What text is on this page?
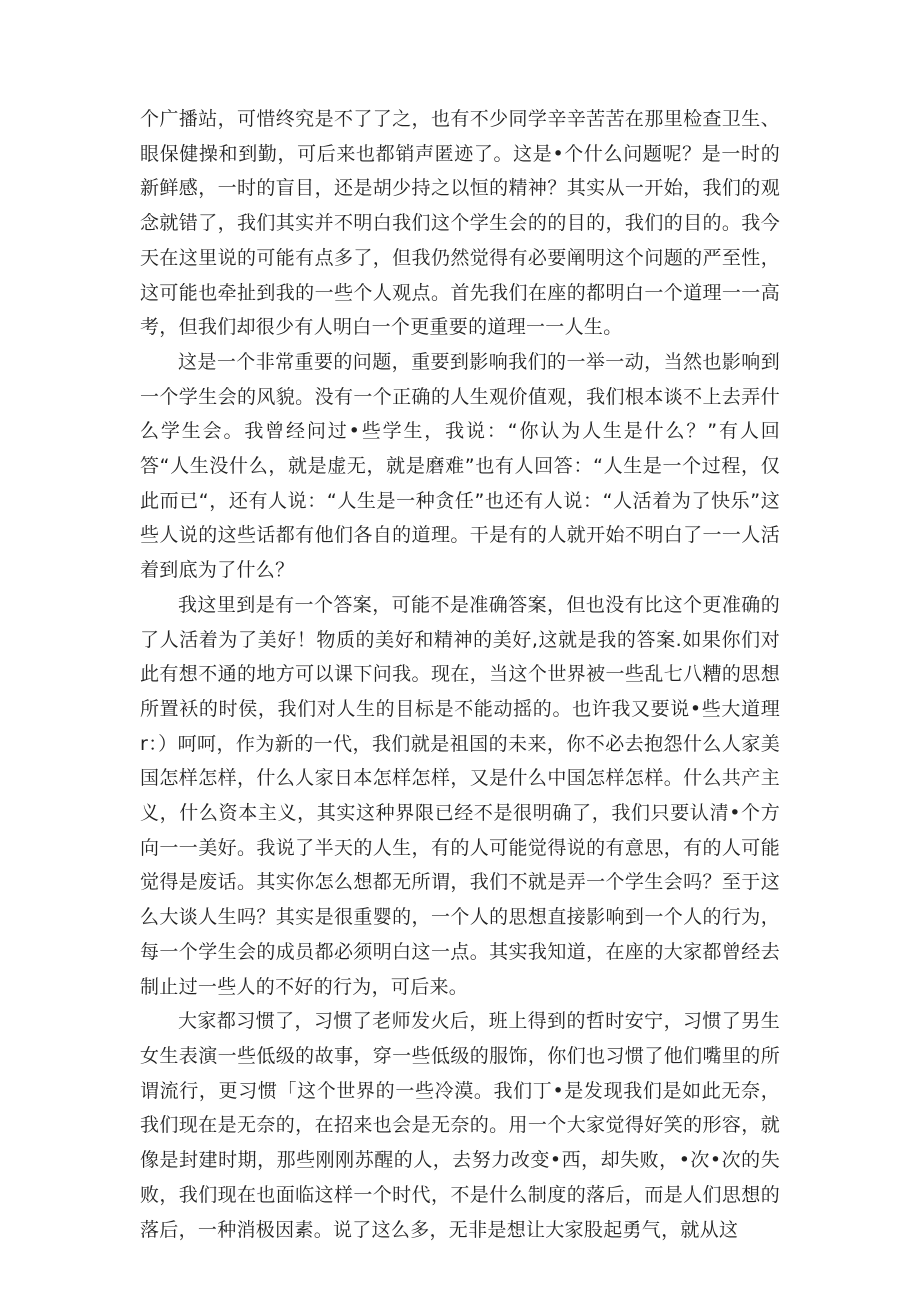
个广播站，可惜终究是不了了之，也有不少同学辛辛苦苦在那里检查卫生、眼保健操和到勤，可后来也都销声匿迹了。这是•个什么问题呢？是一时的新鲜感，一时的盲目，还是胡少持之以恒的精神？其实从一开始，我们的观念就错了，我们其实并不明白我们这个学生会的的目的，我们的目的。我今天在这里说的可能有点多了，但我仍然觉得有必要阐明这个问题的严至性，这可能也牵扯到我的一些个人观点。首先我们在座的都明白一个道理一一高考，但我们却很少有人明白一个更重要的道理一一人生。

这是一个非常重要的问题，重要到影响我们的一举一动，当然也影响到一个学生会的风貌。没有一个正确的人生观价值观，我们根本谈不上去弄什么学生会。我曾经问过•些学生，我说：“你认为人生是什么？”有人回答“人生没什么，就是虚无，就是磨难”也有人回答：“人生是一个过程，仅此而已“，还有人说：“人生是一种贪任”也还有人说：“人活着为了快乐”这些人说的这些话都有他们各自的道理。干是有的人就开始不明白了一一人活着到底为了什么？

我这里到是有一个答案，可能不是准确答案，但也没有比这个更准确的了人活着为了美好！物质的美好和精神的美好,这就是我的答案.如果你们对此有想不通的地方可以课下问我。现在，当这个世界被一些乱七八糟的思想所置袄的时侯，我们对人生的目标是不能动摇的。也许我又要说•些大道理r：）呵呵，作为新的一代，我们就是祖国的未来，你不必去抱怨什么人家美国怎样怎样，什么人家日本怎样怎样，又是什么中国怎样怎样。什么共产主义，什么资本主义，其实这种界限已经不是很明确了，我们只要认清•个方向一一美好。我说了半天的人生，有的人可能觉得说的有意思，有的人可能觉得是废话。其实你怎么想都无所谓，我们不就是弄一个学生会吗？至于这么大谈人生吗？其实是很重婴的，一个人的思想直接影响到一个人的行为，每一个学生会的成员都必须明白这一点。其实我知道，在座的大家都曾经去制止过一些人的不好的行为，可后来。

大家都习惯了，习惯了老师发火后，班上得到的哲时安宁，习惯了男生女生表演一些低级的故事，穿一些低级的服饰，你们也习惯了他们嘴里的所谓流行，更习惯「这个世界的一些冷漠。我们丁•是发现我们是如此无奈，我们现在是无奈的，在招来也会是无奈的。用一个大家觉得好笑的形容，就像是封建时期，那些刚刚苏醒的人，去努力改变•西，却失败，•次•次的失败，我们现在也面临这样一个时代，不是什么制度的落后，而是人们思想的落后，一种消极因素。说了这么多，无非是想让大家股起勇气，就从这
